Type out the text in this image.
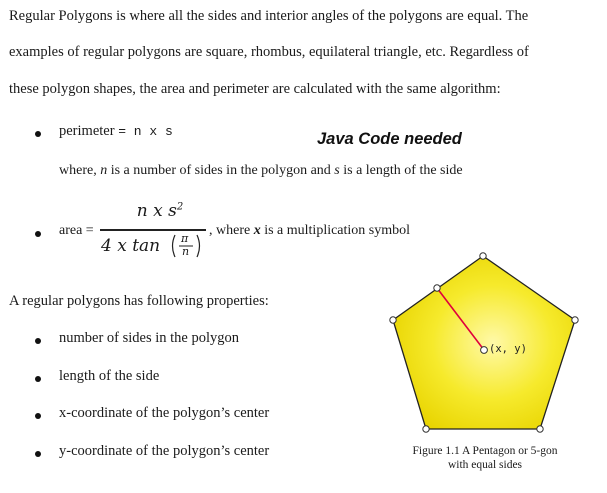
Regular Polygons is where all the sides and interior angles of the polygons are equal. The
examples of regular polygons are square, rhombus, equilateral triangle, etc. Regardless of
these polygon shapes, the area and perimeter are calculated with the same algorithm:
perimeter = n x s	Java Code needed
where, n is a number of sides in the polygon and s is a length of the side
area =
n x $s^2$
4 x tan π
n
, where x is a multiplication symbol
A regular polygons has following properties:
number of sides in the polygon
length of the side
x-coordinate of the polygon’s center
y-coordinate of the polygon’s center
(x, y)
Figure 1.1 A Pentagon or 5-gon
with equal sides
